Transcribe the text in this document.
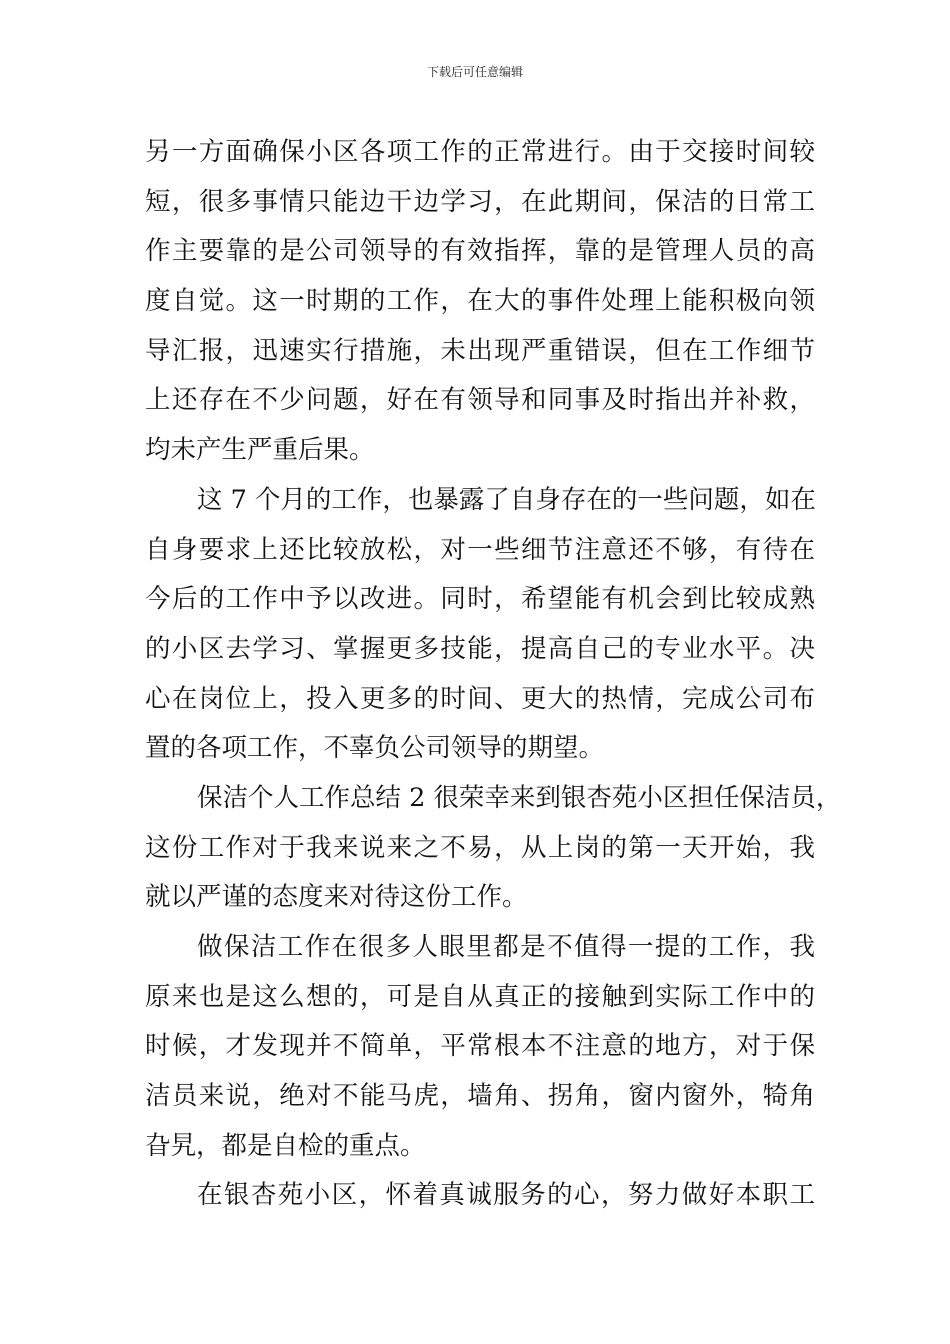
下载后可任意编辑
另一方面确保小区各项工作的正常进行。由于交接时间较
短，很多事情只能边干边学习，在此期间，保洁的日常工
作主要靠的是公司领导的有效指挥，靠的是管理人员的高
度自觉。这一时期的工作，在大的事件处理上能积极向领
导汇报，迅速实行措施，未出现严重错误，但在工作细节
上还存在不少问题，好在有领导和同事及时指出并补救，
均未产生严重后果。
这 7 个月的工作，也暴露了自身存在的一些问题，如在
自身要求上还比较放松，对一些细节注意还不够，有待在
今后的工作中予以改进。同时，希望能有机会到比较成熟
的小区去学习、掌握更多技能，提高自己的专业水平。决
心在岗位上，投入更多的时间、更大的热情，完成公司布
置的各项工作，不辜负公司领导的期望。
保洁个人工作总结 2 很荣幸来到银杏苑小区担任保洁员，
这份工作对于我来说来之不易，从上岗的第一天开始，我
就以严谨的态度来对待这份工作。
做保洁工作在很多人眼里都是不值得一提的工作，我
原来也是这么想的，可是自从真正的接触到实际工作中的
时候，才发现并不简单，平常根本不注意的地方，对于保
洁员来说，绝对不能马虎，墙角、拐角，窗内窗外，犄角
旮旯，都是自检的重点。
在银杏苑小区，怀着真诚服务的心，努力做好本职工
